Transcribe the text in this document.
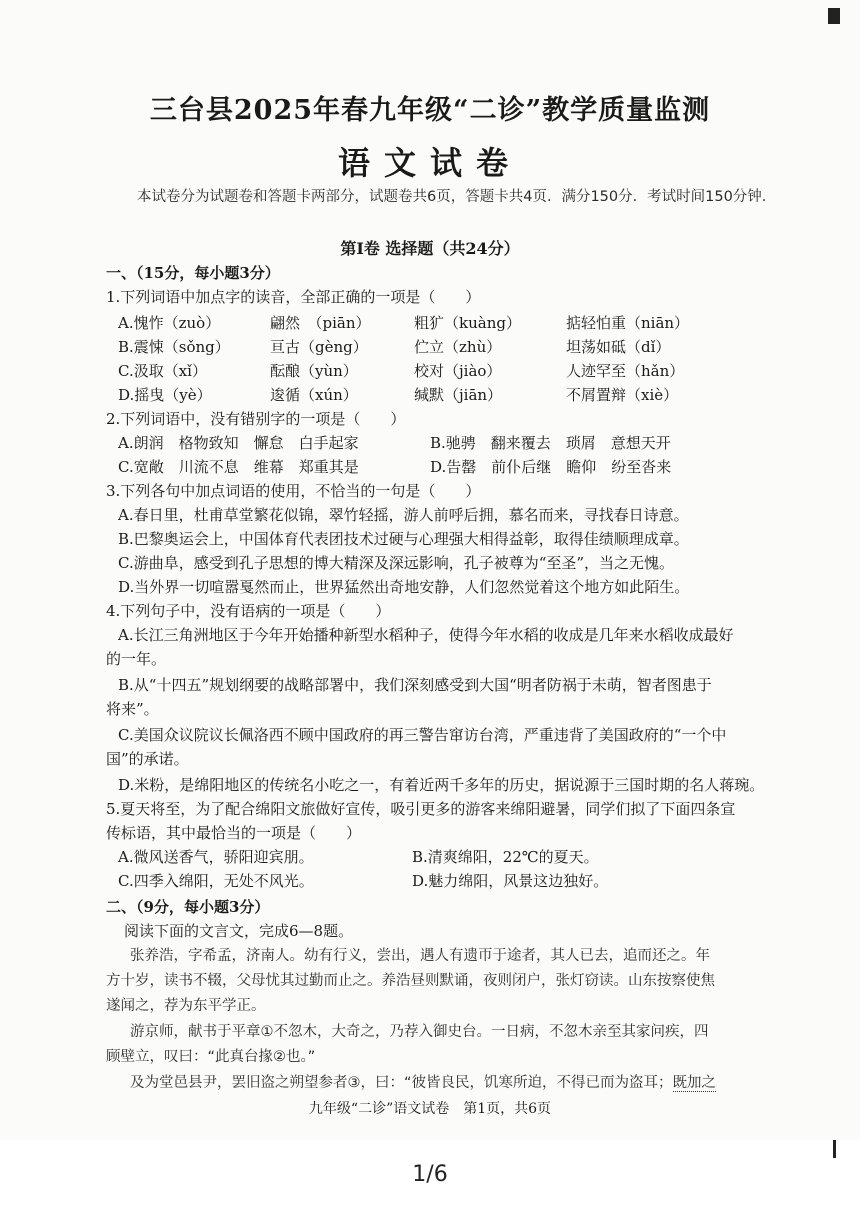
三台县2025年春九年级“二诊”教学质量监测
语文试卷
本试卷分为试题卷和答题卡两部分，试题卷共6页，答题卡共4页．满分150分．考试时间150分钟．
第Ⅰ卷 选择题（共24分）
一、（15分，每小题3分）
1.下列词语中加点字的读音，全部正确的一项是（　　）
A.愧怍（zuò）	翩然　（piān）	粗犷（kuàng）	掂轻怕重（niān）
B.震悚（sǒng）	亘古（gèng）	伫立（zhù）	坦荡如砥（dǐ）
C.汲取（xǐ）	酝酿（yùn）	校对（jiào）	人迹罕至（hǎn）
D.摇曳（yè）	逡循（xún）	缄默（jiān）	不屑置辩（xiè）
2.下列词语中，没有错别字的一项是（　　）
A.朗润　格物致知　懈怠　白手起家	B.驰骋　翻来覆去　琐屑　意想天开
C.宽敞　川流不息　维幕　郑重其是	D.告罄　前仆后继　瞻仰　纷至沓来
3.下列各句中加点词语的使用，不恰当的一句是（　　）
A.春日里，杜甫草堂繁花似锦，翠竹轻摇，游人前呼后拥，慕名而来，寻找春日诗意。
B.巴黎奥运会上，中国体育代表团技术过硬与心理强大相得益彰，取得佳绩顺理成章。
C.游曲阜，感受到孔子思想的博大精深及深远影响，孔子被尊为“至圣”，当之无愧。
D.当外界一切喧嚣戛然而止，世界猛然出奇地安静，人们忽然觉着这个地方如此陌生。
4.下列句子中，没有语病的一项是（　　）
A.长江三角洲地区于今年开始播种新型水稻种子，使得今年水稻的收成是几年来水稻收成最好
的一年。
B.从“十四五”规划纲要的战略部署中，我们深刻感受到大国“明者防祸于未萌，智者图患于
将来”。
C.美国众议院议长佩洛西不顾中国政府的再三警告窜访台湾，严重违背了美国政府的“一个中
国”的承诺。
D.米粉，是绵阳地区的传统名小吃之一，有着近两千多年的历史，据说源于三国时期的名人蒋琬。
5.夏天将至，为了配合绵阳文旅做好宣传，吸引更多的游客来绵阳避暑，同学们拟了下面四条宣
传标语，其中最恰当的一项是（　　）
A.微风送香气，骄阳迎宾朋。	B.清爽绵阳，22℃的夏天。
C.四季入绵阳，无处不风光。	D.魅力绵阳，风景这边独好。
二、（9分，每小题3分）
阅读下面的文言文，完成6—8题。
张养浩，字希孟，济南人。幼有行义，尝出，遇人有遗帀于途者，其人已去，追而还之。年
方十岁，读书不辍，父母忧其过勤而止之。养浩昼则默诵，夜则闭户，张灯窃读。山东按察使焦
遂闻之，荐为东平学正。
游京师，献书于平章①不忽木，大奇之，乃荐入御史台。一日病，不忽木亲至其家问疾，四
顾壁立，叹曰：“此真台掾②也。”
及为堂邑县尹，罢旧盗之朔望参者③，曰：“彼皆良民，饥寒所迫，不得已而为盗耳；既加之
九年级“二诊”语文试卷　第1页，共6页
1/6
